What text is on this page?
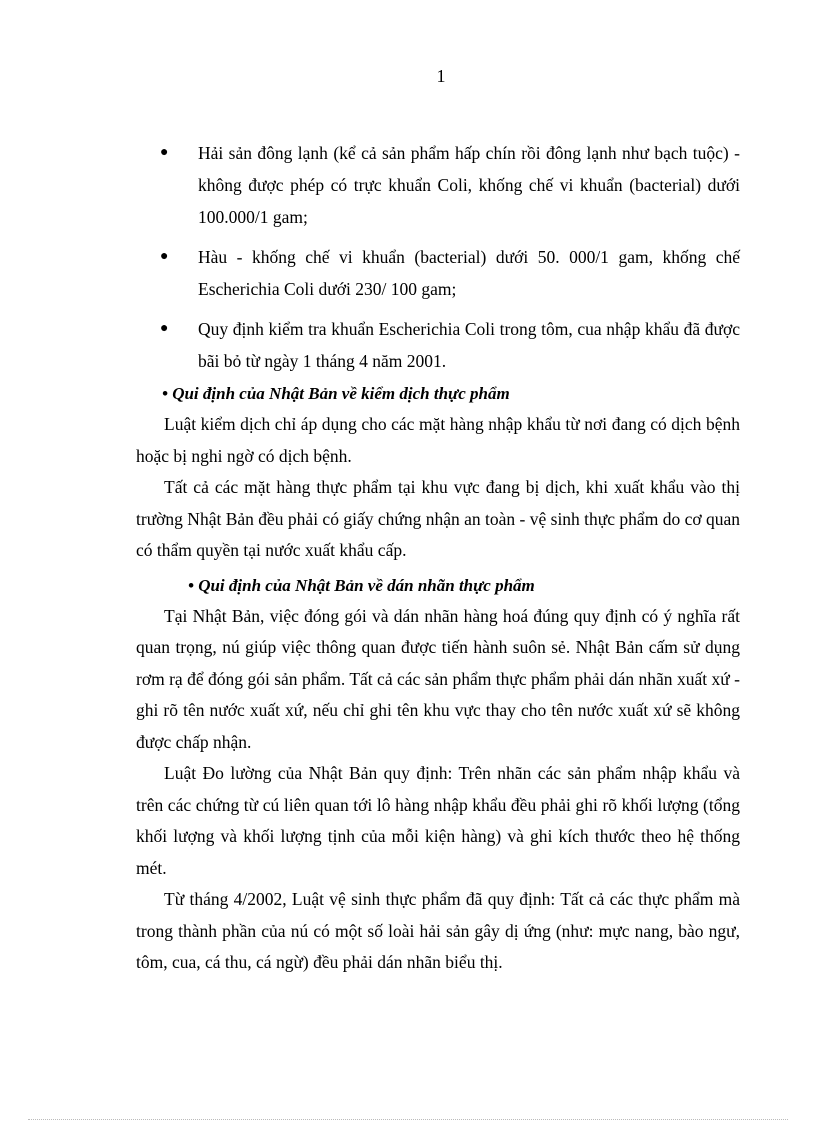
1
● Hải sản đông lạnh (kể cả sản phẩm hấp chín rồi đông lạnh như bạch tuộc) - không được phép có trực khuẩn Coli, khống chế vi khuẩn (bacterial) dưới 100.000/1 gam;
● Hàu - khống chế vi khuẩn (bacterial) dưới 50. 000/1 gam, khống chế Escherichia Coli dưới 230/ 100 gam;
● Quy định kiểm tra khuẩn Escherichia Coli trong tôm, cua nhập khẩu đã được bãi bỏ từ ngày 1 tháng 4 năm 2001.
• Qui định của Nhật Bản về kiểm dịch thực phẩm

Luật kiểm dịch chỉ áp dụng cho các mặt hàng nhập khẩu từ nơi đang có dịch bệnh hoặc bị nghi ngờ có dịch bệnh.

Tất cả các mặt hàng thực phẩm tại khu vực đang bị dịch, khi xuất khẩu vào thị trường Nhật Bản đều phải có giấy chứng nhận an toàn - vệ sinh thực phẩm do cơ quan có thẩm quyền tại nước xuất khẩu cấp.

• Qui định của Nhật Bản về dán nhãn thực phẩm

Tại Nhật Bản, việc đóng gói và dán nhãn hàng hoá đúng quy định có ý nghĩa rất quan trọng, nú giúp việc thông quan được tiến hành suôn sẻ. Nhật Bản cấm sử dụng rơm rạ để đóng gói sản phẩm. Tất cả các sản phẩm thực phẩm phải dán nhãn xuất xứ - ghi rõ tên nước xuất xứ, nếu chỉ ghi tên khu vực thay cho tên nước xuất xứ sẽ không được chấp nhận.

Luật Đo lường của Nhật Bản quy định: Trên nhãn các sản phẩm nhập khẩu và trên các chứng từ cú liên quan tới lô hàng nhập khẩu đều phải ghi rõ khối lượng (tổng khối lượng và khối lượng tịnh của mỗi kiện hàng) và ghi kích thước theo hệ thống mét.

Từ tháng 4/2002, Luật vệ sinh thực phẩm đã quy định: Tất cả các thực phẩm mà trong thành phần của nú có một số loài hải sản gây dị ứng (như: mực nang, bào ngư, tôm, cua, cá thu, cá ngừ) đều phải dán nhãn biểu thị.
